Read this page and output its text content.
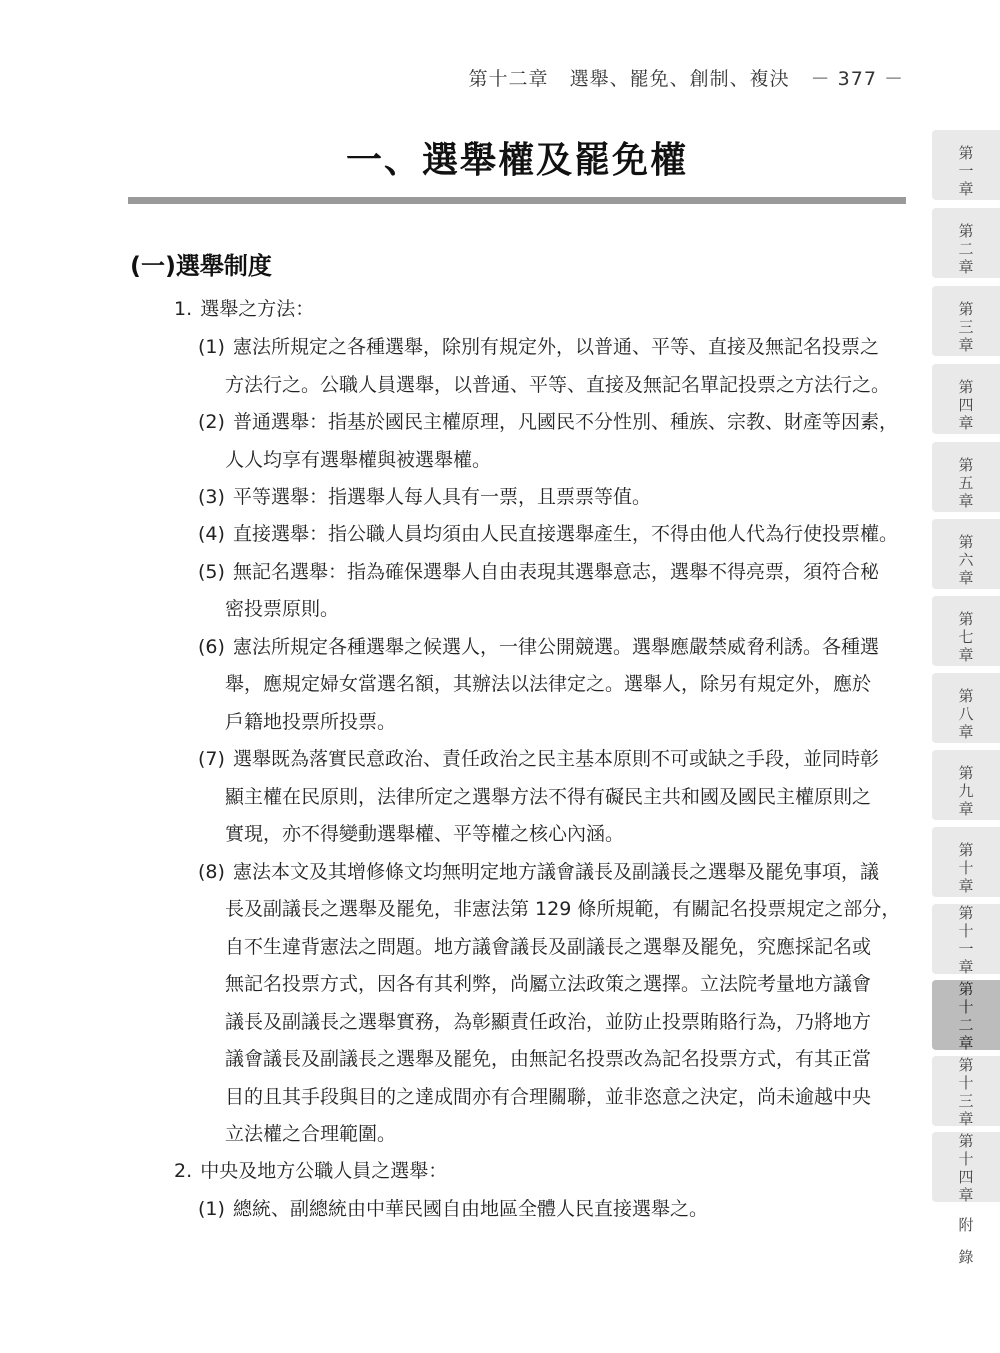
第十二章 選舉、罷免、創制、複決 － 377 －
一、選舉權及罷免權
(一)選舉制度
1. 選舉之方法：
(1) 憲法所規定之各種選舉，除別有規定外，以普通、平等、直接及無記名投票之
方法行之。公職人員選舉，以普通、平等、直接及無記名單記投票之方法行之。
(2) 普通選舉：指基於國民主權原理，凡國民不分性別、種族、宗教、財產等因素，
人人均享有選舉權與被選舉權。
(3) 平等選舉：指選舉人每人具有一票，且票票等值。
(4) 直接選舉：指公職人員均須由人民直接選舉產生，不得由他人代為行使投票權。
(5) 無記名選舉：指為確保選舉人自由表現其選舉意志，選舉不得亮票，須符合秘
密投票原則。
(6) 憲法所規定各種選舉之候選人，一律公開競選。選舉應嚴禁威脅利誘。各種選
舉，應規定婦女當選名額，其辦法以法律定之。選舉人，除另有規定外，應於
戶籍地投票所投票。
(7) 選舉既為落實民意政治、責任政治之民主基本原則不可或缺之手段，並同時彰
顯主權在民原則，法律所定之選舉方法不得有礙民主共和國及國民主權原則之
實現，亦不得變動選舉權、平等權之核心內涵。
(8) 憲法本文及其增修條文均無明定地方議會議長及副議長之選舉及罷免事項，議
長及副議長之選舉及罷免，非憲法第 129 條所規範，有關記名投票規定之部分，
自不生違背憲法之問題。地方議會議長及副議長之選舉及罷免，究應採記名或
無記名投票方式，因各有其利弊，尚屬立法政策之選擇。立法院考量地方議會
議長及副議長之選舉實務，為彰顯責任政治，並防止投票賄賂行為，乃將地方
議會議長及副議長之選舉及罷免，由無記名投票改為記名投票方式，有其正當
目的且其手段與目的之達成間亦有合理關聯，並非恣意之決定，尚未逾越中央
立法權之合理範圍。
2. 中央及地方公職人員之選舉：
(1) 總統、副總統由中華民國自由地區全體人民直接選舉之。
第
一
章
第
二
章
第
三
章
第
四
章
第
五
章
第
六
章
第
七
章
第
八
章
第
九
章
第
十
章
第
十
一
章
第
十
二
章
第
十
三
章
第
十
四
章
附
錄
